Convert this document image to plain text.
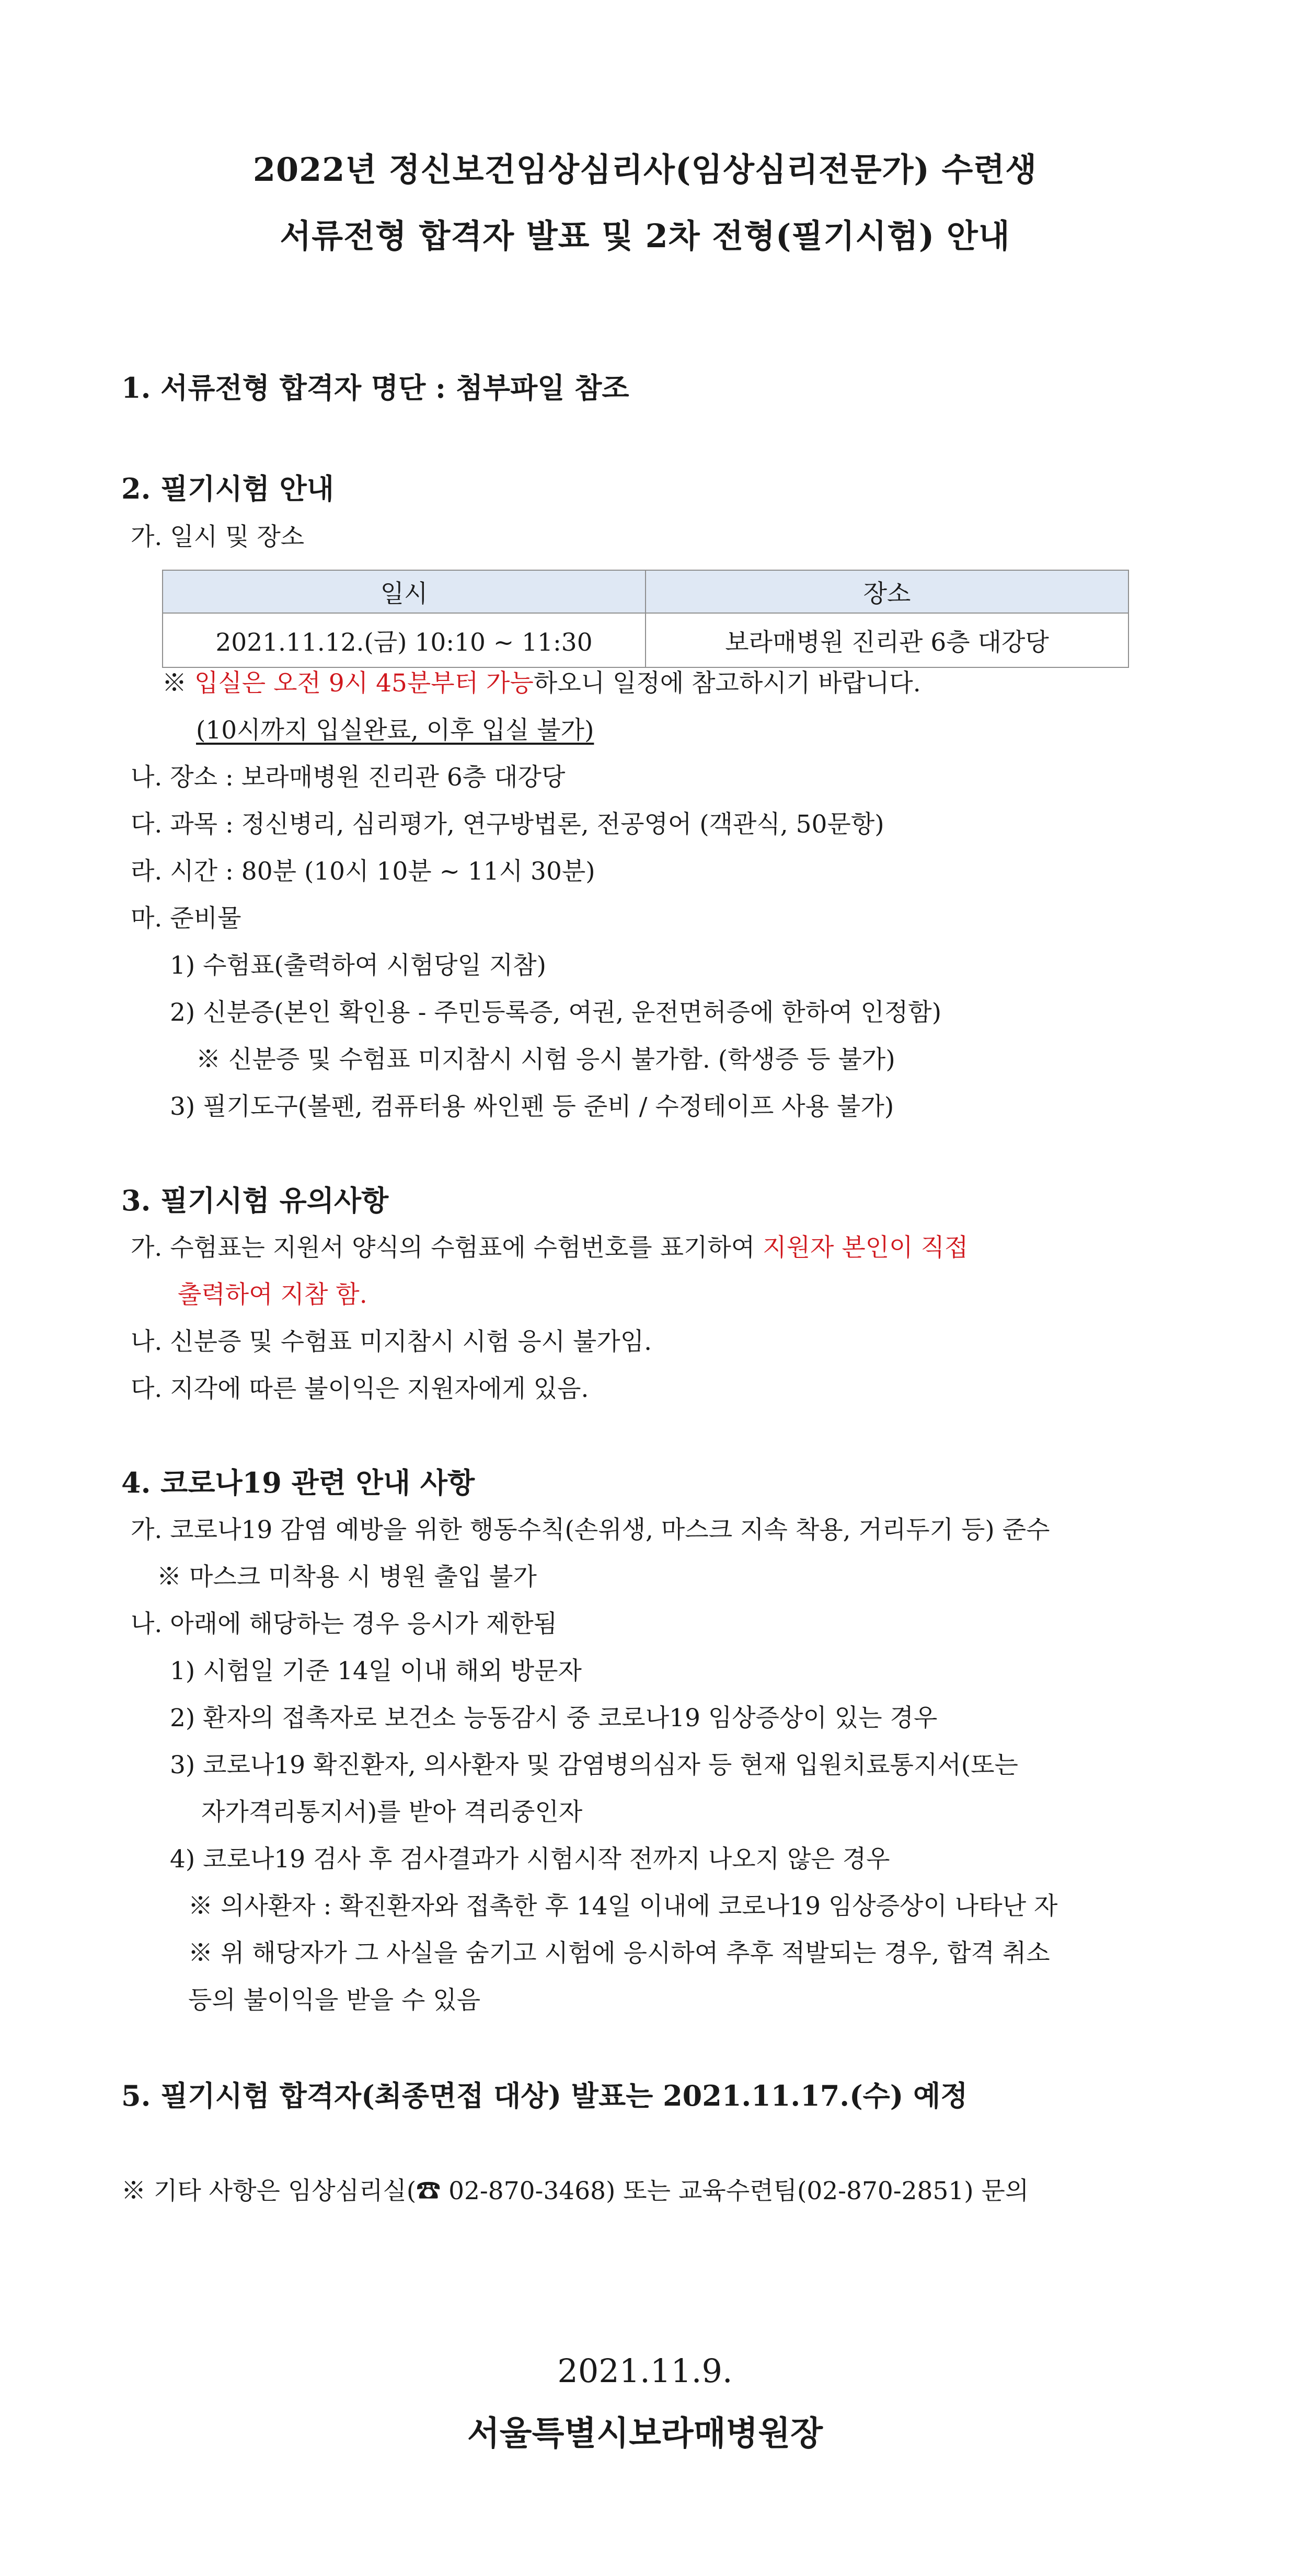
2022년 정신보건임상심리사(임상심리전문가) 수련생
서류전형 합격자 발표 및 2차 전형(필기시험) 안내
1. 서류전형 합격자 명단 : 첨부파일 참조
2. 필기시험 안내
가. 일시 및 장소
일시	장소
2021.11.12.(금) 10:10 ~ 11:30	보라매병원 진리관 6층 대강당
※ 입실은 오전 9시 45분부터 가능하오니 일정에 참고하시기 바랍니다.
(10시까지 입실완료, 이후 입실 불가)
나. 장소 : 보라매병원 진리관 6층 대강당
다. 과목 : 정신병리, 심리평가, 연구방법론, 전공영어 (객관식, 50문항)
라. 시간 : 80분 (10시 10분 ~ 11시 30분)
마. 준비물
1) 수험표(출력하여 시험당일 지참)
2) 신분증(본인 확인용 - 주민등록증, 여권, 운전면허증에 한하여 인정함)
※ 신분증 및 수험표 미지참시 시험 응시 불가함. (학생증 등 불가)
3) 필기도구(볼펜, 컴퓨터용 싸인펜 등 준비 / 수정테이프 사용 불가)
3. 필기시험 유의사항
가. 수험표는 지원서 양식의 수험표에 수험번호를 표기하여 지원자 본인이 직접
출력하여 지참 함.
나. 신분증 및 수험표 미지참시 시험 응시 불가임.
다. 지각에 따른 불이익은 지원자에게 있음.
4. 코로나19 관련 안내 사항
가. 코로나19 감염 예방을 위한 행동수칙(손위생, 마스크 지속 착용, 거리두기 등) 준수
※ 마스크 미착용 시 병원 출입 불가
나. 아래에 해당하는 경우 응시가 제한됨
1) 시험일 기준 14일 이내 해외 방문자
2) 환자의 접촉자로 보건소 능동감시 중 코로나19 임상증상이 있는 경우
3) 코로나19 확진환자, 의사환자 및 감염병의심자 등 현재 입원치료통지서(또는
자가격리통지서)를 받아 격리중인자
4) 코로나19 검사 후 검사결과가 시험시작 전까지 나오지 않은 경우
※ 의사환자 : 확진환자와 접촉한 후 14일 이내에 코로나19 임상증상이 나타난 자
※ 위 해당자가 그 사실을 숨기고 시험에 응시하여 추후 적발되는 경우, 합격 취소
등의 불이익을 받을 수 있음
5. 필기시험 합격자(최종면접 대상) 발표는 2021.11.17.(수) 예정
※ 기타 사항은 임상심리실(☎ 02-870-3468) 또는 교육수련팀(02-870-2851) 문의
2021.11.9.
서울특별시보라매병원장
